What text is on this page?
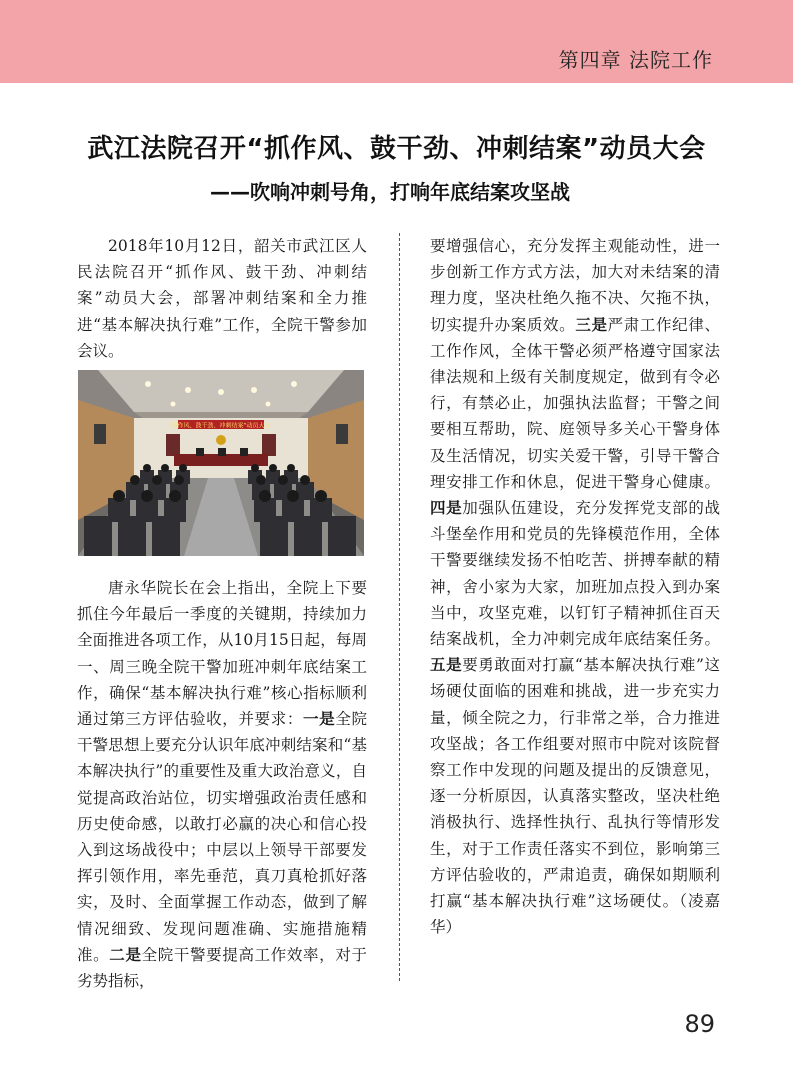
第四章 法院工作
武江法院召开“抓作风、鼓干劲、冲刺结案”动员大会
——吹响冲刺号角，打响年底结案攻坚战

2018年10月12日，韶关市武江区人民法院召开“抓作风、鼓干劲、冲刺结案”动员大会，部署冲刺结案和全力推进“基本解决执行难”工作，全院干警参加会议。

抓作风、鼓干劲、冲刺结案”动员大会

唐永华院长在会上指出，全院上下要抓住今年最后一季度的关键期，持续加力全面推进各项工作，从10月15日起，每周一、周三晚全院干警加班冲刺年底结案工作，确保“基本解决执行难”核心指标顺利通过第三方评估验收，并要求：一是全院干警思想上要充分认识年底冲刺结案和“基本解决执行”的重要性及重大政治意义，自觉提高政治站位，切实增强政治责任感和历史使命感，以敢打必赢的决心和信心投入到这场战役中；中层以上领导干部要发挥引领作用，率先垂范，真刀真枪抓好落实，及时、全面掌握工作动态，做到了解情况细致、发现问题准确、实施措施精准。二是全院干警要提高工作效率，对于劣势指标，

要增强信心，充分发挥主观能动性，进一步创新工作方式方法，加大对未结案的清理力度，坚决杜绝久拖不决、欠拖不执，切实提升办案质效。三是严肃工作纪律、工作作风，全体干警必须严格遵守国家法律法规和上级有关制度规定，做到有令必行，有禁必止，加强执法监督；干警之间要相互帮助，院、庭领导多关心干警身体及生活情况，切实关爱干警，引导干警合理安排工作和休息，促进干警身心健康。四是加强队伍建设，充分发挥党支部的战斗堡垒作用和党员的先锋模范作用，全体干警要继续发扬不怕吃苦、拼搏奉献的精神，舍小家为大家，加班加点投入到办案当中，攻坚克难，以钉钉子精神抓住百天结案战机，全力冲刺完成年底结案任务。五是要勇敢面对打赢“基本解决执行难”这场硬仗面临的困难和挑战，进一步充实力量，倾全院之力，行非常之举，合力推进攻坚战；各工作组要对照市中院对该院督察工作中发现的问题及提出的反馈意见，逐一分析原因，认真落实整改，坚决杜绝消极执行、选择性执行、乱执行等情形发生，对于工作责任落实不到位，影响第三方评估验收的，严肃追责，确保如期顺利打赢“基本解决执行难”这场硬仗。（凌嘉华）

89
